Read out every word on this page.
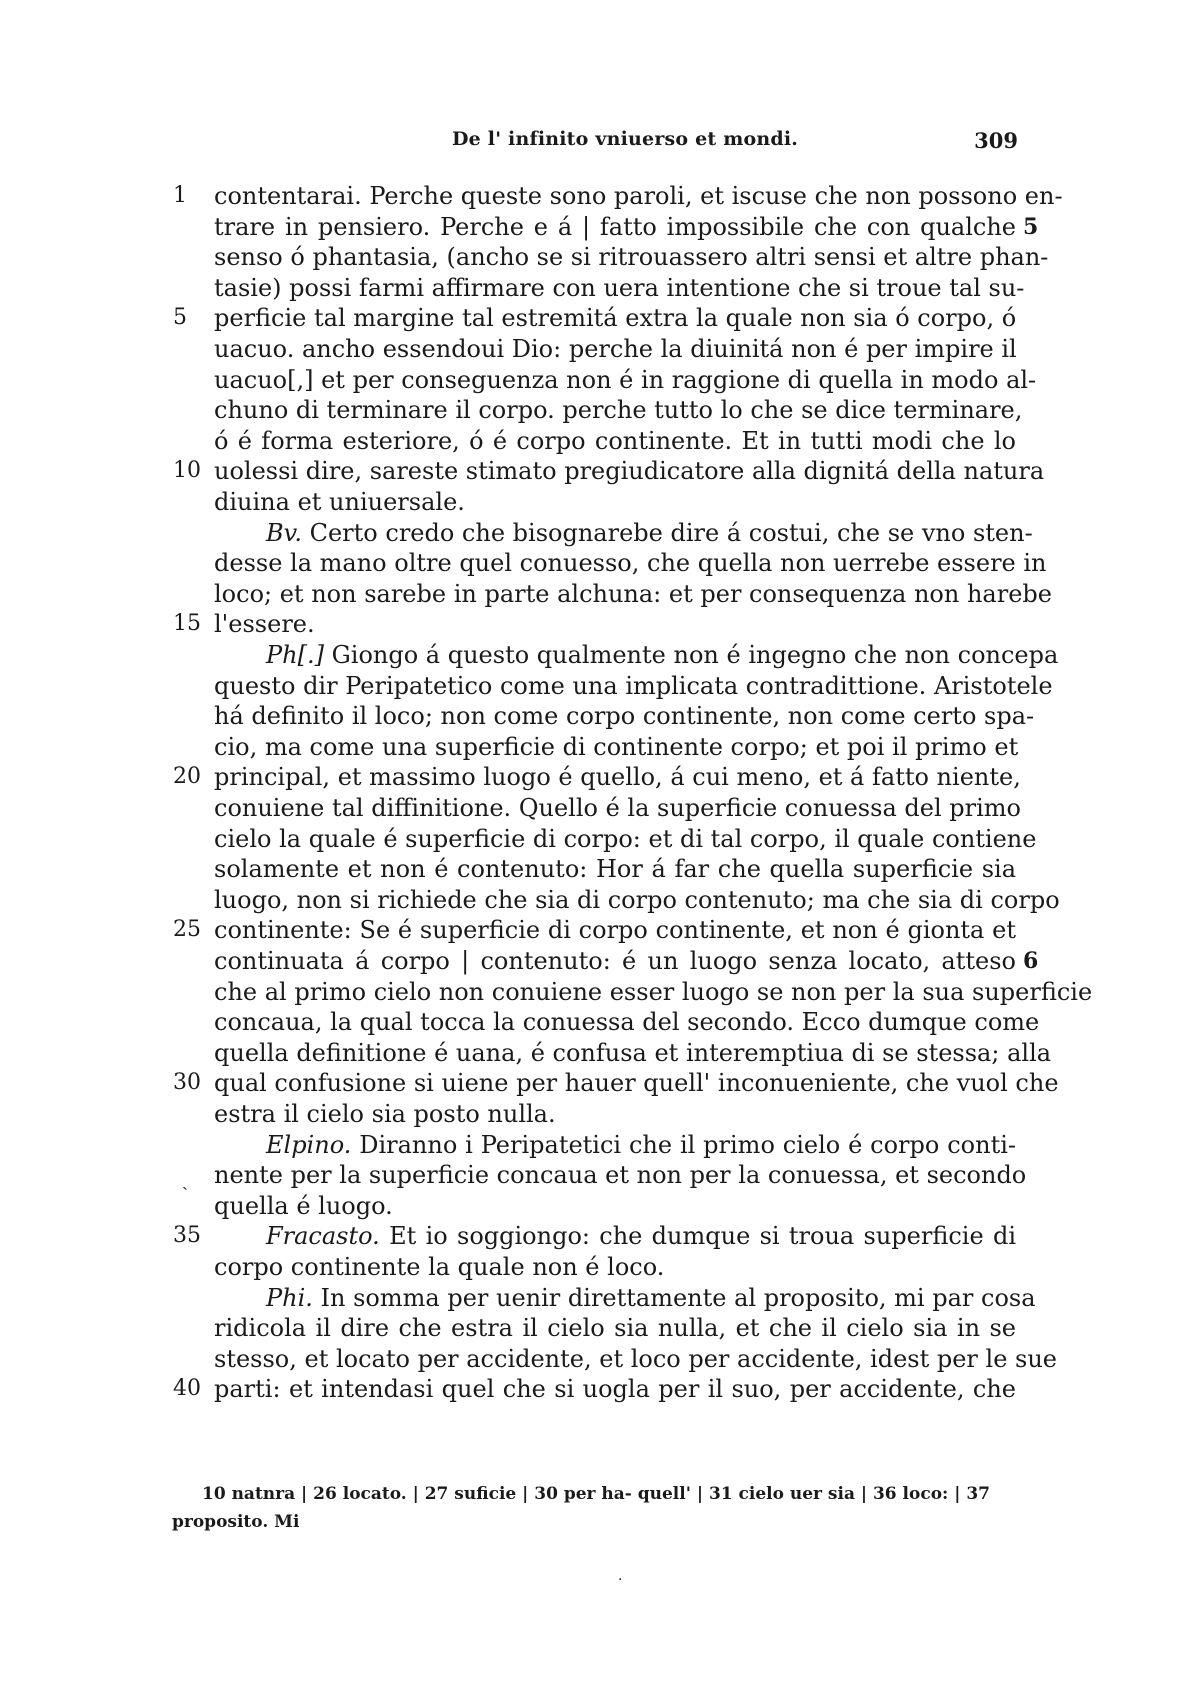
De l' infinito vniuerso et mondi.	309
1	contentarai. Perche queste sono paroli, et iscuse che non possono en-
trare in pensiero. Perche e á | fatto impossibile che con qualche 5
senso ó phantasia, (ancho se si ritrouassero altri sensi et altre phan-
tasie) possi farmi affirmare con uera intentione che si troue tal su-
5	perficie tal margine tal estremitá extra la quale non sia ó corpo, ó
uacuo. ancho essendoui Dio: perche la diuinitá non é per impire il
uacuo[,] et per conseguenza non é in raggione di quella in modo al-
chuno di terminare il corpo. perche tutto lo che se dice terminare,
ó é forma esteriore, ó é corpo continente. Et in tutti modi che lo
10 uolessi dire, sareste stimato pregiudicatore alla dignitá della natura
diuina et uniuersale.
Bv. Certo credo che bisognarebe dire á costui, che se vno sten-
desse la mano oltre quel conuesso, che quella non uerrebe essere in
loco; et non sarebe in parte alchuna: et per consequenza non harebe
15 l'essere.
Ph[.] Giongo á questo qualmente non é ingegno che non concepa
questo dir Peripatetico come una implicata contradittione. Aristotele
há definito il loco; non come corpo continente, non come certo spa-
cio, ma come una superficie di continente corpo; et poi il primo et
20 principal, et massimo luogo é quello, á cui meno, et á fatto niente,
conuiene tal diffinitione. Quello é la superficie conuessa del primo
cielo la quale é superficie di corpo: et di tal corpo, il quale contiene
solamente et non é contenuto: Hor á far che quella superficie sia
luogo, non si richiede che sia di corpo contenuto; ma che sia di corpo
25 continente: Se é superficie di corpo continente, et non é gionta et
continuata á corpo | contenuto: é un luogo senza locato, atteso 6
che al primo cielo non conuiene esser luogo se non per la sua superficie
concaua, la qual tocca la conuessa del secondo. Ecco dumque come
quella definitione é uana, é confusa et interemptiua di se stessa; alla
30 qual confusione si uiene per hauer quell' inconueniente, che vuol che
estra il cielo sia posto nulla.
Elpino. Diranno i Peripatetici che il primo cielo é corpo conti-
nente per la superficie concaua et non per la conuessa, et secondo
ˎ
quella é luogo.
35	Fracasto. Et io soggiongo: che dumque si troua superficie di
corpo continente la quale non é loco.
Phi. In somma per uenir direttamente al proposito, mi par cosa
ridicola il dire che estra il cielo sia nulla, et che il cielo sia in se
stesso, et locato per accidente, et loco per accidente, idest per le sue
40 parti: et intendasi quel che si uogla per il suo, per accidente, che
10 natnra | 26 locato. | 27 suficie | 30 per ha- quell' | 31 cielo uer sia | 36 loco: | 37
proposito. Mi
·
